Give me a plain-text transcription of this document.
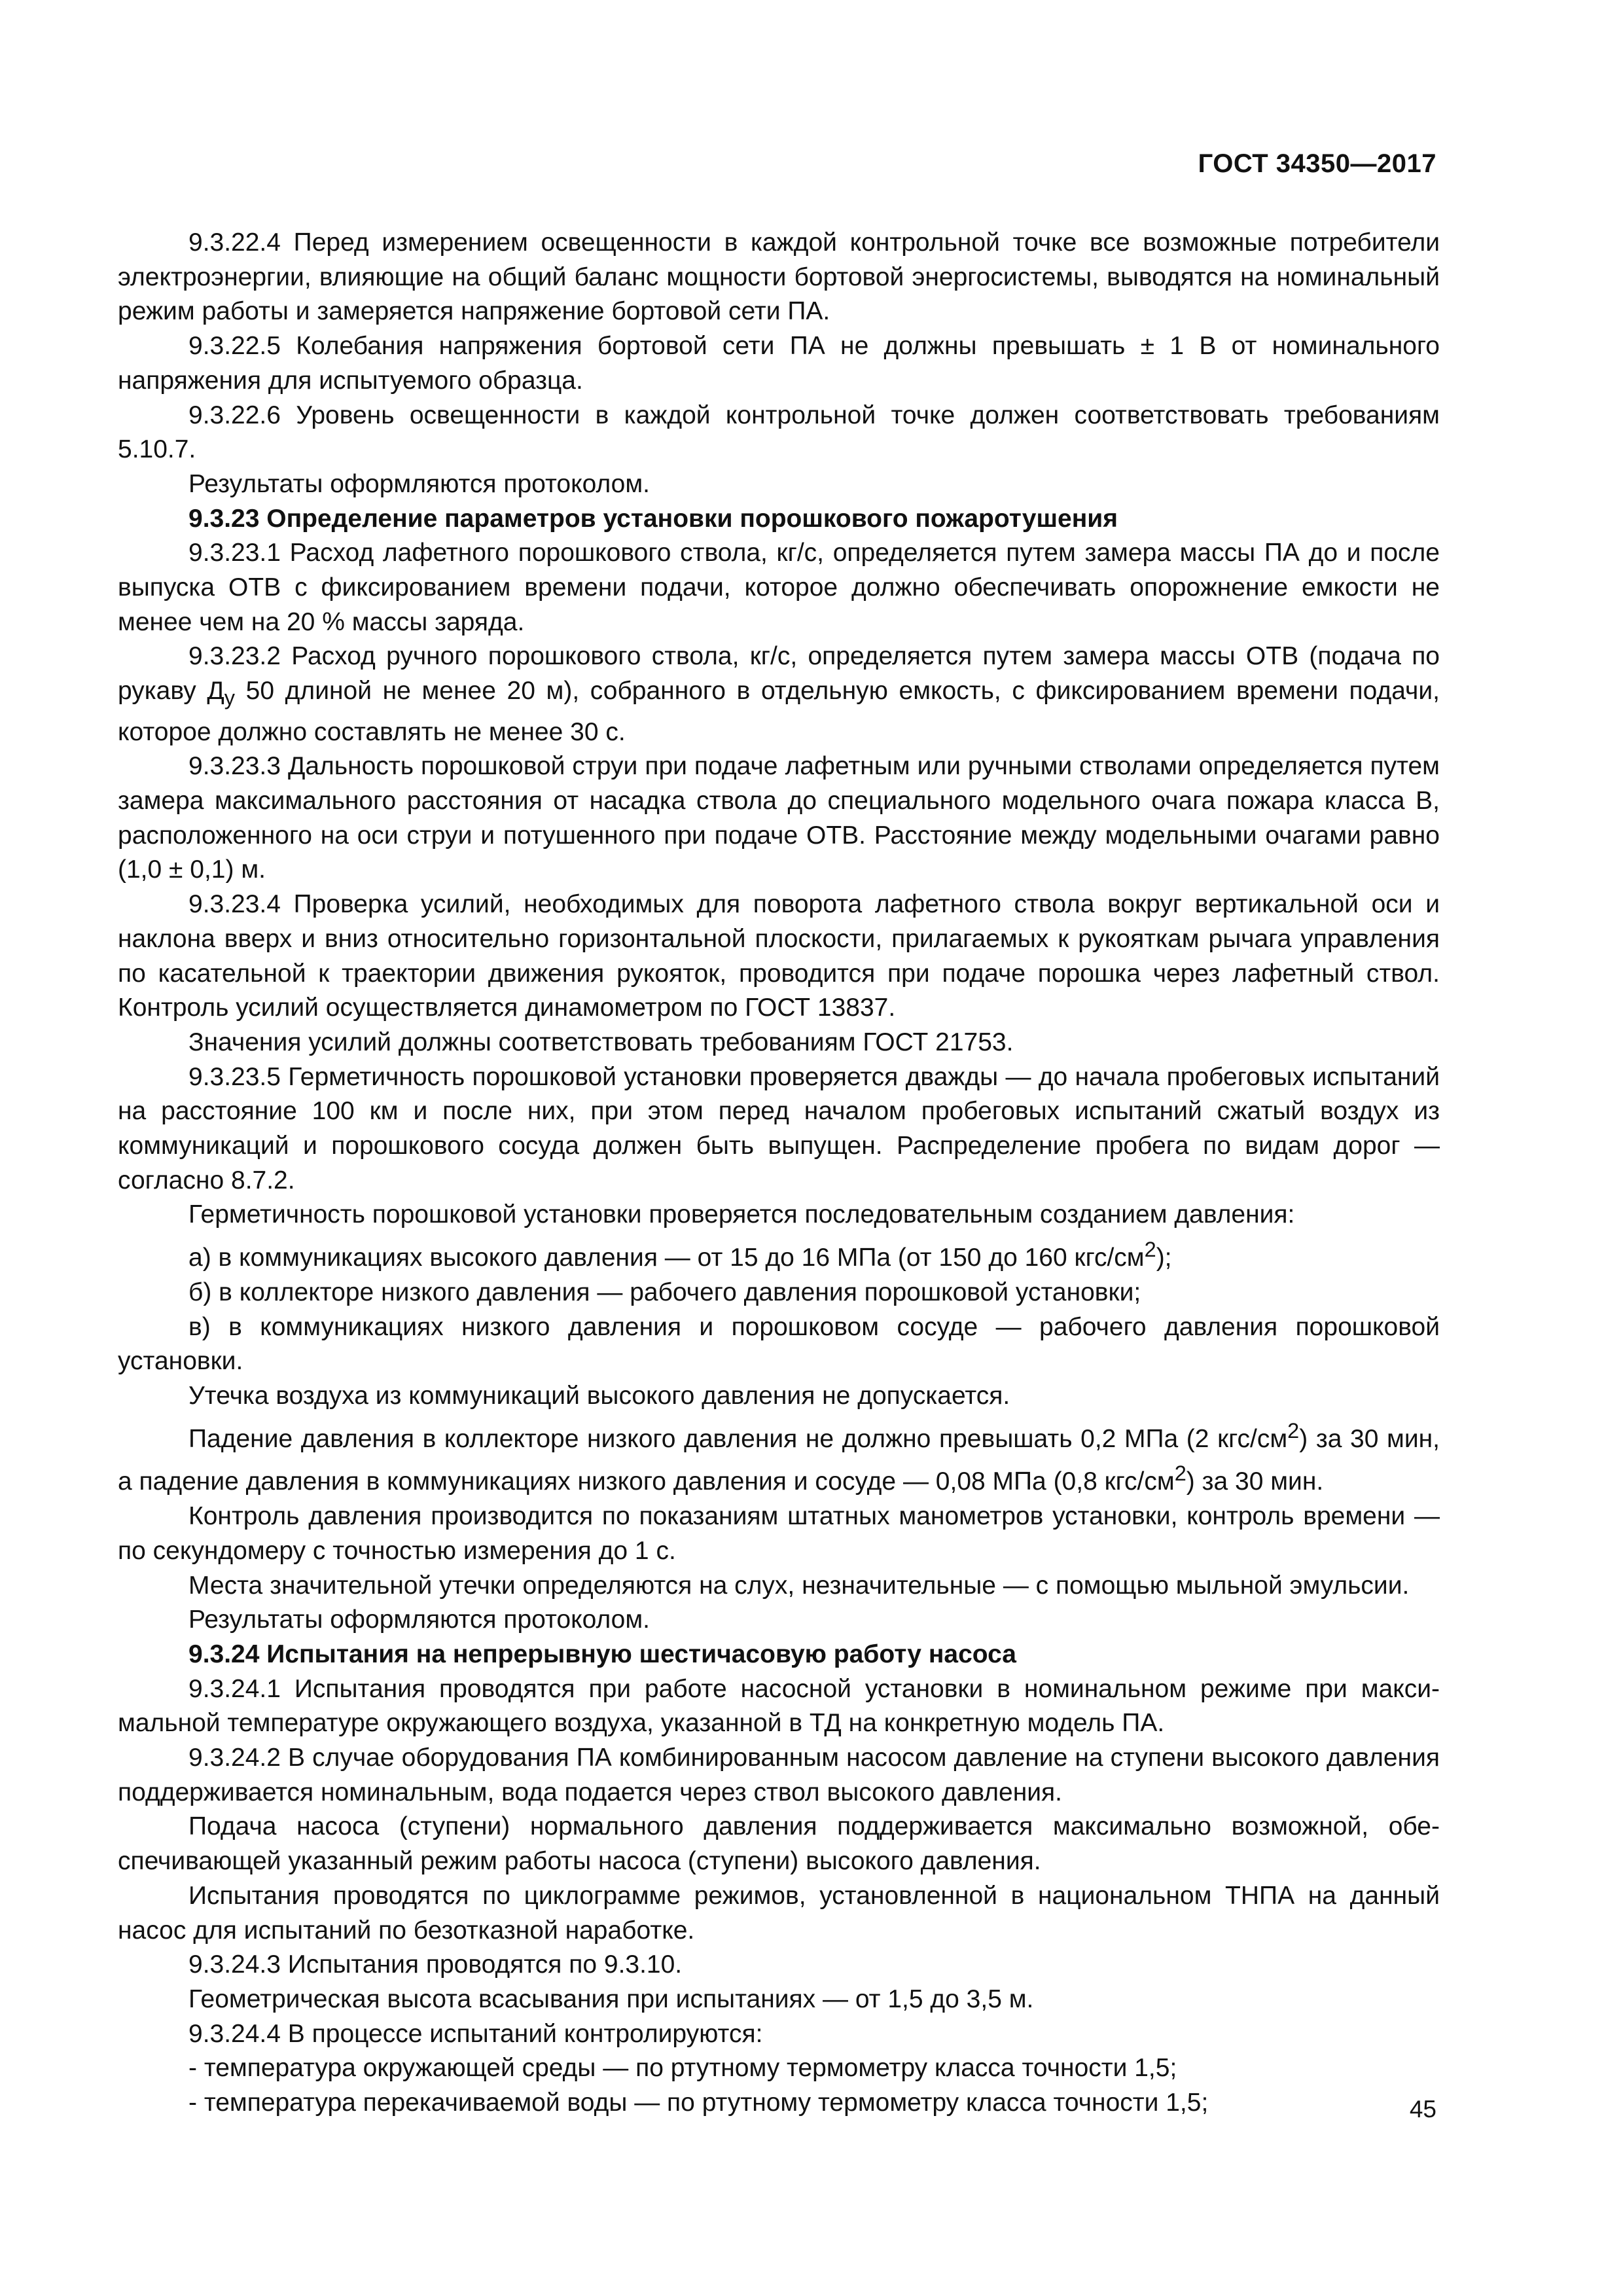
ГОСТ 34350—2017

9.3.22.4 Перед измерением освещенности в каждой контрольной точке все возможные потребители электроэнергии, влияющие на общий баланс мощности бортовой энергосистемы, выводятся на номинальный режим работы и замеряется напряжение бортовой сети ПА.

9.3.22.5 Колебания напряжения бортовой сети ПА не должны превышать ± 1 В от номинального напряжения для испытуемого образца.

9.3.22.6 Уровень освещенности в каждой контрольной точке должен соответствовать требованиям 5.10.7.

Результаты оформляются протоколом.

9.3.23 Определение параметров установки порошкового пожаротушения

9.3.23.1 Расход лафетного порошкового ствола, кг/с, определяется путем замера массы ПА до и после выпуска ОТВ с фиксированием времени подачи, которое должно обеспечивать опорожнение емкости не менее чем на 20 % массы заряда.

9.3.23.2 Расход ручного порошкового ствола, кг/с, определяется путем замера массы ОТВ (подача по рукаву $Д_у$ 50 длиной не менее 20 м), собранного в отдельную емкость, с фиксированием времени подачи, которое должно составлять не менее 30 с.

9.3.23.3 Дальность порошковой струи при подаче лафетным или ручными стволами определяется путем замера максимального расстояния от насадка ствола до специального модельного очага пожара класса В, расположенного на оси струи и потушенного при подаче ОТВ. Расстояние между модельными очагами равно (1,0 ± 0,1) м.

9.3.23.4 Проверка усилий, необходимых для поворота лафетного ствола вокруг вертикальной оси и наклона вверх и вниз относительно горизонтальной плоскости, прилагаемых к рукояткам рычага управления по касательной к траектории движения рукояток, проводится при подаче порошка через лафетный ствол. Контроль усилий осуществляется динамометром по ГОСТ 13837.

Значения усилий должны соответствовать требованиям ГОСТ 21753.

9.3.23.5 Герметичность порошковой установки проверяется дважды — до начала пробеговых испытаний на расстояние 100 км и после них, при этом перед началом пробеговых испытаний сжатый воздух из коммуникаций и порошкового сосуда должен быть выпущен. Распределение пробега по видам дорог — согласно 8.7.2.

Герметичность порошковой установки проверяется последовательным созданием давления:

а) в коммуникациях высокого давления — от 15 до 16 МПа (от 150 до 160 кгс/$см^2$);

б) в коллекторе низкого давления — рабочего давления порошковой установки;

в) в коммуникациях низкого давления и порошковом сосуде — рабочего давления порошковой установки.

Утечка воздуха из коммуникаций высокого давления не допускается.

Падение давления в коллекторе низкого давления не должно превышать 0,2 МПа (2 кгс/$см^2$) за 30 мин, а падение давления в коммуникациях низкого давления и сосуде — 0,08 МПа (0,8 кгс/$см^2$) за 30 мин.

Контроль давления производится по показаниям штатных манометров установки, контроль времени — по секундомеру с точностью измерения до 1 с.

Места значительной утечки определяются на слух, незначительные — с помощью мыльной эмульсии.

Результаты оформляются протоколом.

9.3.24 Испытания на непрерывную шестичасовую работу насоса

9.3.24.1 Испытания проводятся при работе насосной установки в номинальном режиме при максимальной температуре окружающего воздуха, указанной в ТД на конкретную модель ПА.

9.3.24.2 В случае оборудования ПА комбинированным насосом давление на ступени высокого давления поддерживается номинальным, вода подается через ствол высокого давления.

Подача насоса (ступени) нормального давления поддерживается максимально возможной, обеспечивающей указанный режим работы насоса (ступени) высокого давления.

Испытания проводятся по циклограмме режимов, установленной в национальном ТНПА на данный насос для испытаний по безотказной наработке.

9.3.24.3 Испытания проводятся по 9.3.10.

Геометрическая высота всасывания при испытаниях — от 1,5 до 3,5 м.

9.3.24.4 В процессе испытаний контролируются:

- температура окружающей среды — по ртутному термометру класса точности 1,5;

- температура перекачиваемой воды — по ртутному термометру класса точности 1,5;	45
